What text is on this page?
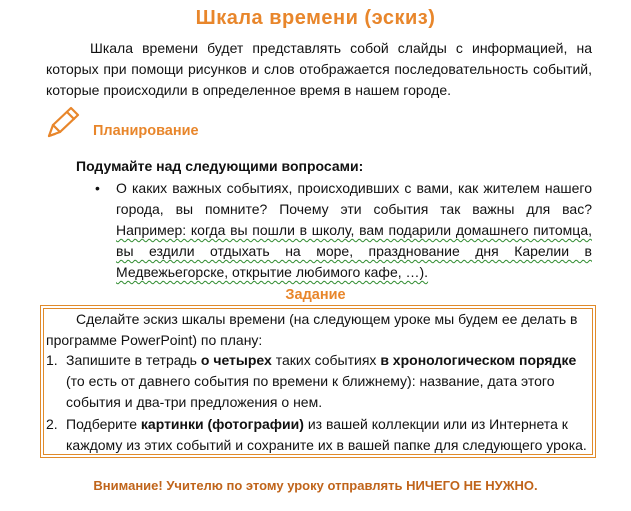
Шкала времени (эскиз)
Шкала времени будет представлять собой слайды с информацией, на которых при помощи рисунков и слов отображается последовательность событий, которые происходили в определенное время в нашем городе.
Планирование
Подумайте над следующими вопросами:
• О каких важных событиях, происходивших с вами, как жителем нашего города, вы помните? Почему эти события так важны для вас? Например: когда вы пошли в школу, вам подарили домашнего питомца, вы ездили отдыхать на море, празднование дня Карелии в Медвежьегорске, открытие любимого кафе, …).
Задание
Сделайте эскиз шкалы времени (на следующем уроке мы будем ее делать в программе PowerPoint) по плану:
1. Запишите в тетрадь о четырех таких событиях в хронологическом порядке (то есть от давнего события по времени к ближнему): название, дата этого события и два-три предложения о нем.
2. Подберите картинки (фотографии) из вашей коллекции или из Интернета к каждому из этих событий и сохраните их в вашей папке для следующего урока.
Внимание! Учителю по этому уроку отправлять НИЧЕГО НЕ НУЖНО.
